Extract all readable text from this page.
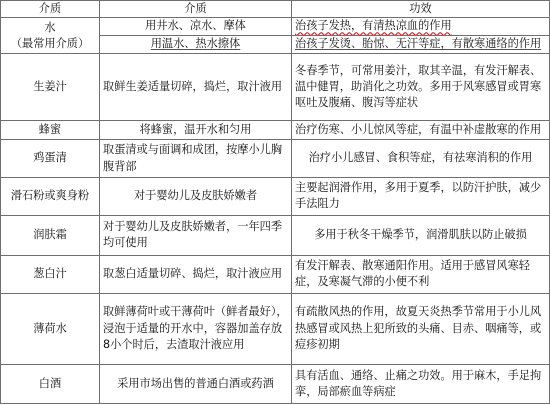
介质	介质	功效

水
（最常用介质）	用井水、凉水、摩体	治孩子发热，有清热凉血的作用
	用温水、热水擦体	治孩子发烫、胎惊、无汗等症，有散寒通络的作用
生姜汁	取鲜生姜适量切碎，捣烂，取汁液用	冬春季节，可常用姜汁，取其辛温，有发汗解表、温中健胃，助消化之功效。多用于风寒感冒或胃寒呕吐及腹痛、腹泻等症状
蜂蜜	将蜂蜜，温开水和匀用	治疗伤寒、小儿惊风等症，有温中补虚散寒的作用
鸡蛋清	取蛋清或与面调和成团，按摩小儿胸腹背部	治疗小儿感冒、食积等症，有祛寒消积的作用
滑石粉或爽身粉	对于婴幼儿及皮肤娇嫩者	主要起润滑作用，多用于夏季，以防汗护肤，减少手法阻力
润肤霜	对于婴幼儿及皮肤娇嫩者，一年四季均可使用	多用于秋冬干燥季节，润滑肌肤以防止破损
葱白汁	取葱白适量切碎、捣烂，取汁液应用	有发汗解表、散寒通阳作用。适用于感冒风寒轻症，及寒凝气滞的小便不利
薄荷水	取鲜薄荷叶或干薄荷叶（鲜者最好），浸泡于适量的开水中，容器加盖存放8小个时后，去渣取汁液应用	有疏散风热的作用，故夏天炎热季节常用于小儿风热感冒或风热上犯所致的头痛、目赤、咽痛等，或痘疹初期
白酒	采用市场出售的普通白酒或药酒	具有活血、通络、止痛之功效。用于麻木，手足拘挛，局部瘀血等病症
